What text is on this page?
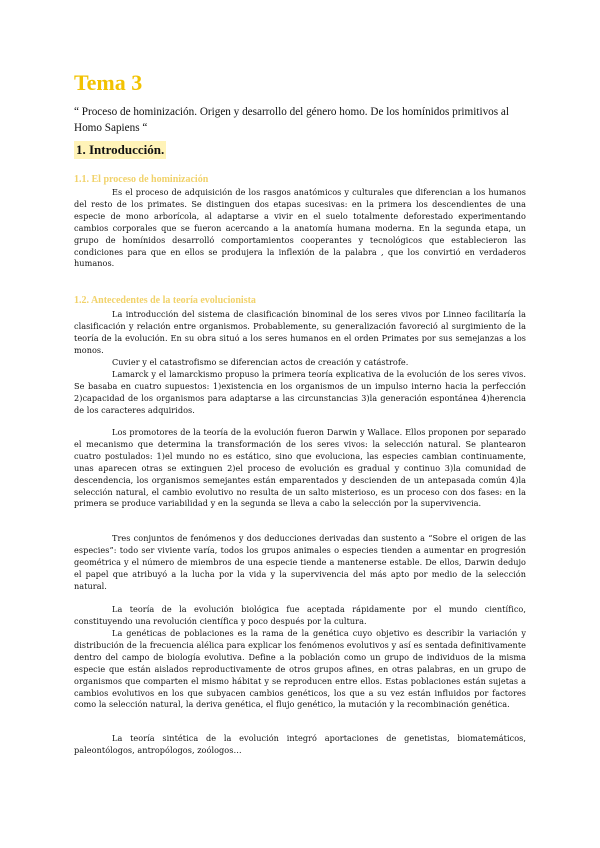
Tema 3

“ Proceso de hominización. Origen y desarrollo del género homo. De los homínidos primitivos al Homo Sapiens “

1. Introducción.
1.1. El proceso de hominización

Es el proceso de adquisición de los rasgos anatómicos y culturales que diferencian a los humanos del resto de los primates. Se distinguen dos etapas sucesivas: en la primera los descendientes de una especie de mono arborícola, al adaptarse a vivir en el suelo totalmente deforestado experimentando cambios corporales que se fueron acercando a la anatomía humana moderna. En la segunda etapa, un grupo de homínidos desarrolló comportamientos cooperantes y tecnológicos que establecieron las condiciones para que en ellos se produjera la inflexión de la palabra , que los convirtió en verdaderos humanos.

1.2. Antecedentes de la teoría evolucionista

La introducción del sistema de clasificación binominal de los seres vivos por Linneo facilitaría la clasificación y relación entre organismos. Probablemente, su generalización favoreció al surgimiento de la teoría de la evolución. En su obra situó a los seres humanos en el orden Primates por sus semejanzas a los monos.

Cuvier y el catastrofismo se diferencian actos de creación y catástrofe.

Lamarck y el lamarckismo propuso la primera teoría explicativa de la evolución de los seres vivos. Se basaba en cuatro supuestos: 1)existencia en los organismos de un impulso interno hacia la perfección 2)capacidad de los organismos para adaptarse a las circunstancias 3)la generación espontánea 4)herencia de los caracteres adquiridos.

Los promotores de la teoría de la evolución fueron Darwin y Wallace. Ellos proponen por separado el mecanismo que determina la transformación de los seres vivos: la selección natural. Se plantearon cuatro postulados: 1)el mundo no es estático, sino que evoluciona, las especies cambian continuamente, unas aparecen otras se extinguen 2)el proceso de evolución es gradual y continuo 3)la comunidad de descendencia, los organismos semejantes están emparentados y descienden de un antepasada común 4)la selección natural, el cambio evolutivo no resulta de un salto misterioso, es un proceso con dos fases: en la primera se produce variabilidad y en la segunda se lleva a cabo la selección por la supervivencia.

Tres conjuntos de fenómenos y dos deducciones derivadas dan sustento a “Sobre el origen de las especies”: todo ser viviente varía, todos los grupos animales o especies tienden a aumentar en progresión geométrica y el número de miembros de una especie tiende a mantenerse estable. De ellos, Darwin dedujo el papel que atribuyó a la lucha por la vida y la supervivencia del más apto por medio de la selección natural.

La teoría de la evolución biológica fue aceptada rápidamente por el mundo científico, constituyendo una revolución científica y poco después por la cultura.

La genéticas de poblaciones es la rama de la genética cuyo objetivo es describir la variación y distribución de la frecuencia alélica para explicar los fenómenos evolutivos y así es sentada definitivamente dentro del campo de biología evolutiva. Define a la población como un grupo de individuos de la misma especie que están aislados reproductivamente de otros grupos afines, en otras palabras, en un grupo de organismos que comparten el mismo hábitat y se reproducen entre ellos. Estas poblaciones están sujetas a cambios evolutivos en los que subyacen cambios genéticos, los que a su vez están influidos por factores como la selección natural, la deriva genética, el flujo genético, la mutación y la recombinación genética.

La teoría sintética de la evolución integró aportaciones de genetistas, biomatemáticos, paleontólogos, antropólogos, zoólogos…
